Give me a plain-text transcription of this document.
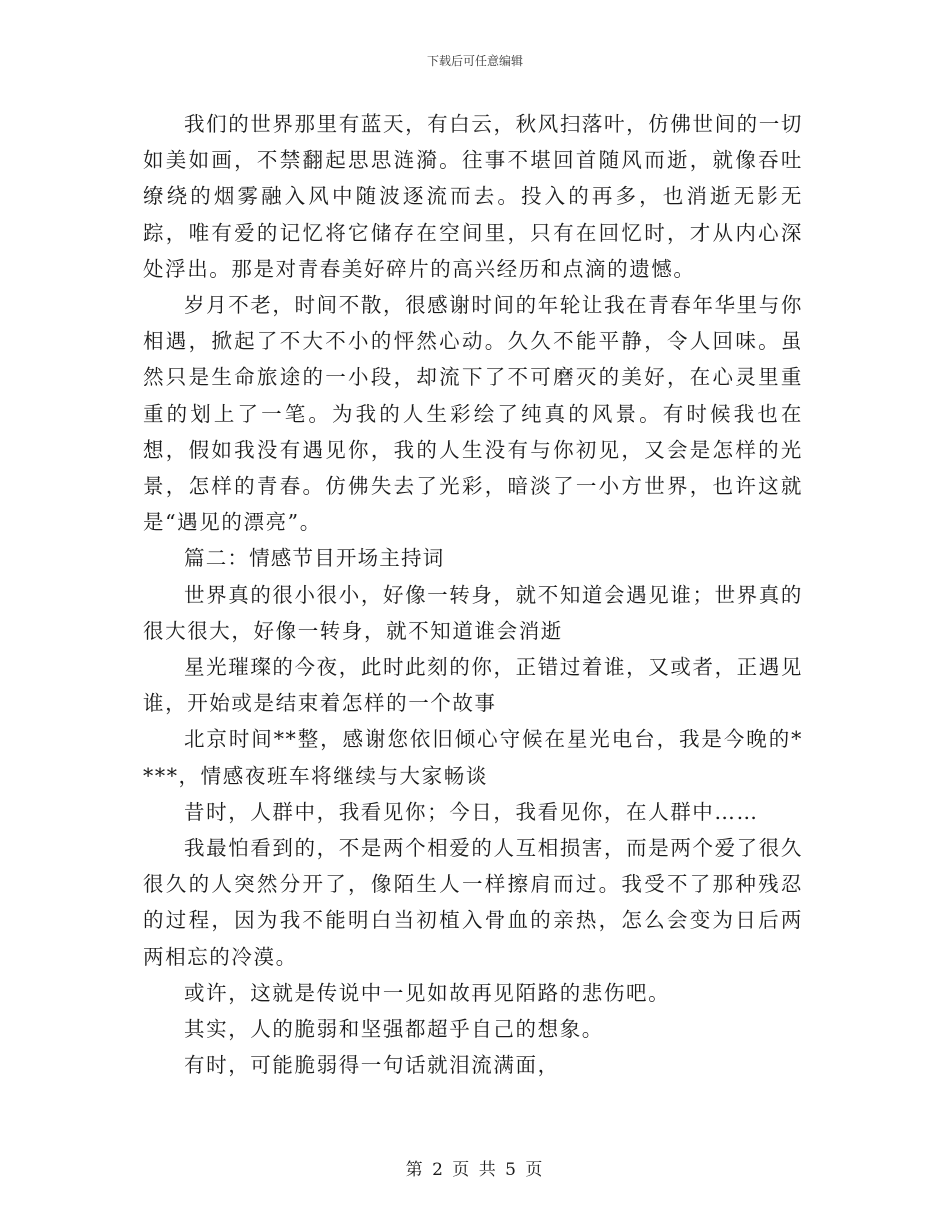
下载后可任意编辑

我们的世界那里有蓝天，有白云，秋风扫落叶，仿佛世间的一切如美如画，不禁翻起思思涟漪。往事不堪回首随风而逝，就像吞吐缭绕的烟雾融入风中随波逐流而去。投入的再多，也消逝无影无踪，唯有爱的记忆将它储存在空间里，只有在回忆时，才从内心深处浮出。那是对青春美好碎片的高兴经历和点滴的遗憾。

岁月不老，时间不散，很感谢时间的年轮让我在青春年华里与你相遇，掀起了不大不小的怦然心动。久久不能平静，令人回味。虽然只是生命旅途的一小段，却流下了不可磨灭的美好，在心灵里重重的划上了一笔。为我的人生彩绘了纯真的风景。有时候我也在想，假如我没有遇见你，我的人生没有与你初见，又会是怎样的光景，怎样的青春。仿佛失去了光彩，暗淡了一小方世界，也许这就是“遇见的漂亮”。

篇二：情感节目开场主持词

世界真的很小很小，好像一转身，就不知道会遇见谁；世界真的很大很大，好像一转身，就不知道谁会消逝

星光璀璨的今夜，此时此刻的你，正错过着谁，又或者，正遇见谁，开始或是结束着怎样的一个故事

北京时间**整，感谢您依旧倾心守候在星光电台，我是今晚的****，情感夜班车将继续与大家畅谈

昔时，人群中，我看见你；今日，我看见你，在人群中……

我最怕看到的，不是两个相爱的人互相损害，而是两个爱了很久很久的人突然分开了，像陌生人一样擦肩而过。我受不了那种残忍的过程，因为我不能明白当初植入骨血的亲热，怎么会变为日后两两相忘的冷漠。

或许，这就是传说中一见如故再见陌路的悲伤吧。

其实，人的脆弱和坚强都超乎自己的想象。

有时，可能脆弱得一句话就泪流满面，

第 2 页 共 5 页
